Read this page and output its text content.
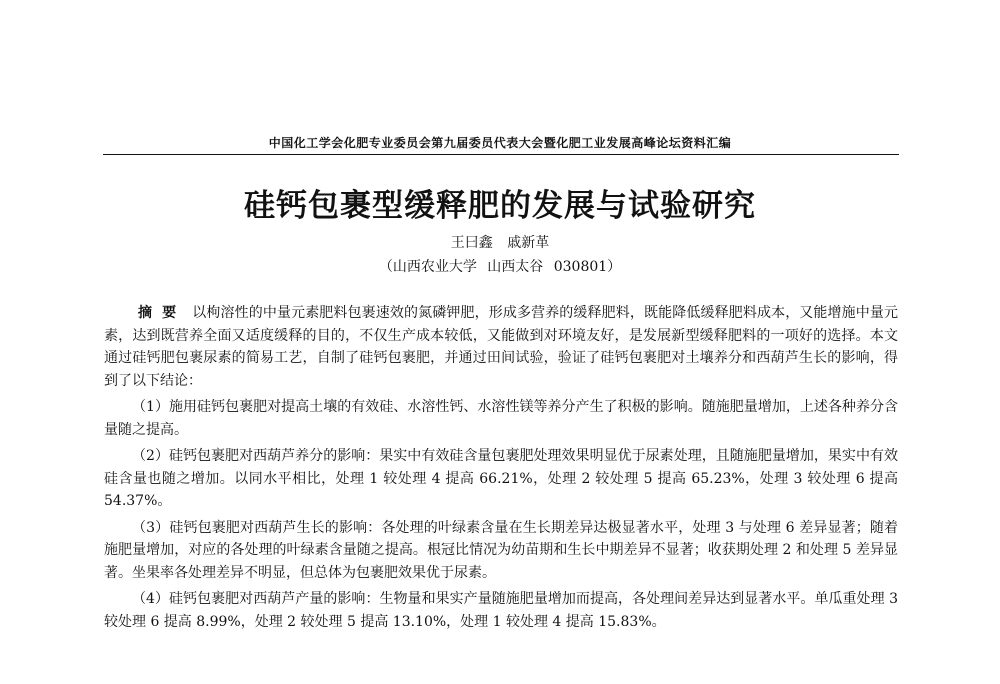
中国化工学会化肥专业委员会第九届委员代表大会暨化肥工业发展高峰论坛资料汇编
硅钙包裹型缓释肥的发展与试验研究
王曰鑫 戚新革
（山西农业大学 山西太谷 030801）

摘要 以枸溶性的中量元素肥料包裹速效的氮磷钾肥，形成多营养的缓释肥料，既能降低缓释肥料成本，又能增施中量元素，达到既营养全面又适度缓释的目的，不仅生产成本较低，又能做到对环境友好，是发展新型缓释肥料的一项好的选择。本文通过硅钙肥包裹尿素的简易工艺，自制了硅钙包裹肥，并通过田间试验，验证了硅钙包裹肥对土壤养分和西葫芦生长的影响，得到了以下结论：

（1）施用硅钙包裹肥对提高土壤的有效硅、水溶性钙、水溶性镁等养分产生了积极的影响。随施肥量增加，上述各种养分含量随之提高。

（2）硅钙包裹肥对西葫芦养分的影响：果实中有效硅含量包裹肥处理效果明显优于尿素处理，且随施肥量增加，果实中有效硅含量也随之增加。以同水平相比，处理 1 较处理 4 提高 66.21%，处理 2 较处理 5 提高 65.23%，处理 3 较处理 6 提高 54.37%。

（3）硅钙包裹肥对西葫芦生长的影响：各处理的叶绿素含量在生长期差异达极显著水平，处理 3 与处理 6 差异显著；随着施肥量增加，对应的各处理的叶绿素含量随之提高。根冠比情况为幼苗期和生长中期差异不显著；收获期处理 2 和处理 5 差异显著。坐果率各处理差异不明显，但总体为包裹肥效果优于尿素。

（4）硅钙包裹肥对西葫芦产量的影响：生物量和果实产量随施肥量增加而提高，各处理间差异达到显著水平。单瓜重处理 3 较处理 6 提高 8.99%，处理 2 较处理 5 提高 13.10%，处理 1 较处理 4 提高 15.83%。
